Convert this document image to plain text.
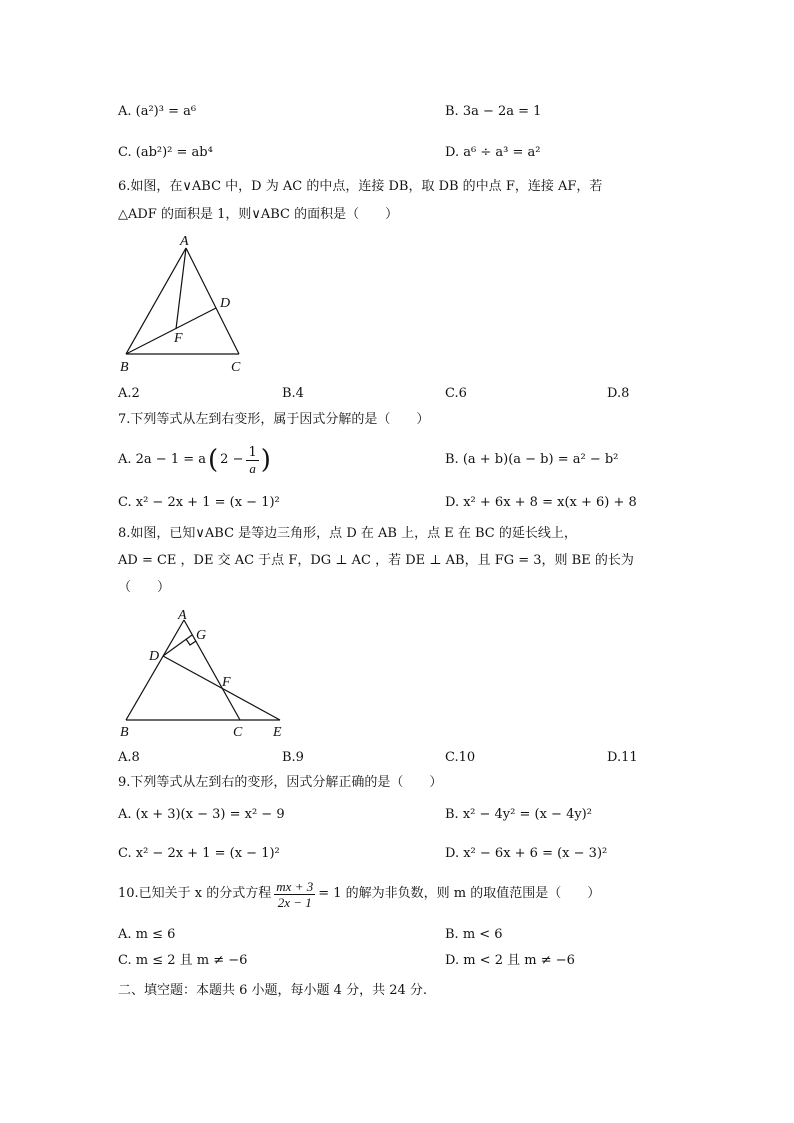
A. (a²)³ = a⁶	B. 3a − 2a = 1
C. (ab²)² = ab⁴	D. a⁶ ÷ a³ = a²
6.如图，在∨ABC 中，D 为 AC 的中点，连接 DB，取 DB 的中点 F，连接 AF，若
△ADF 的面积是 1，则∨ABC 的面积是（　　）
A
B	C
D
F
A.2	B.4	C.6	D.8
7.下列等式从左到右变形，属于因式分解的是（　　）
A. 2a − 1 = a ( $2 - \frac{1}{a}$ )	B. (a + b)(a − b) = a² − b²
C. x² − 2x + 1 = (x − 1)²	D. x² + 6x + 8 = x(x + 6) + 8
8.如图，已知∨ABC 是等边三角形，点 D 在 AB 上，点 E 在 BC 的延长线上，
AD = CE ，DE 交 AC 于点 F，DG ⊥ AC ，若 DE ⊥ AB，且 FG = 3，则 BE 的长为
（　　）
A
G
D
F
B	C E
A.8	B.9	C.10	D.11
9.下列等式从左到右的变形，因式分解正确的是（　　）
A. (x + 3)(x − 3) = x² − 9	B. x² − 4y² = (x − 4y)²
C. x² − 2x + 1 = (x − 1)²	D. x² − 6x + 6 = (x − 3)²
10.已知关于 x 的分式方程 $\frac{mx + 3}{2x - 1} = 1$ 的解为非负数，则 m 的取值范围是（　　）
A. m ≤ 6	B. m < 6
C. m ≤ 2 且 m ≠ −6	D. m < 2 且 m ≠ −6
二、填空题：本题共 6 小题，每小题 4 分，共 24 分.
